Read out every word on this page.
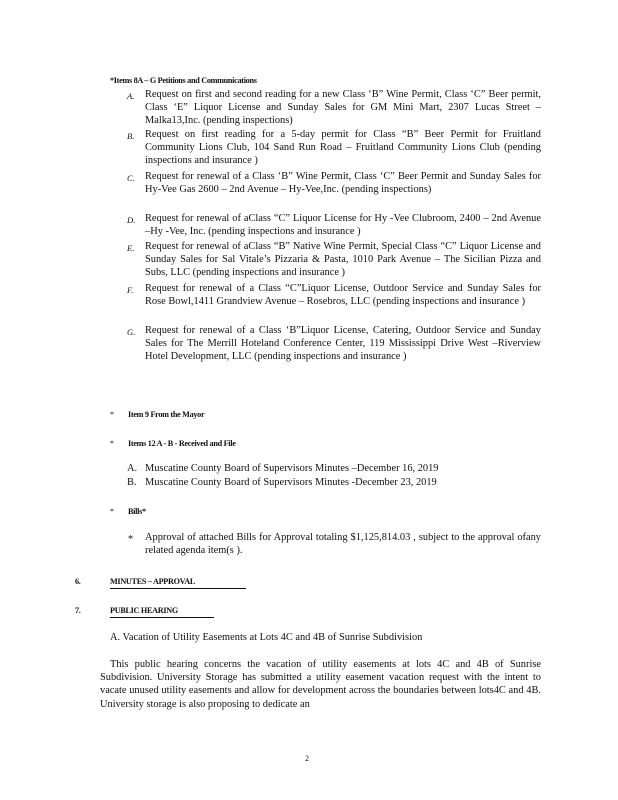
*Items 8A – G Petitions and Communications
A. Request on first and second reading for a new Class ‘B” Wine Permit, Class ‘C” Beer permit, Class ‘E” Liquor License and Sunday Sales for GM Mini Mart, 2307 Lucas Street –Malka13,Inc. (pending inspections)
B. Request on first reading for a 5-day permit for Class “B” Beer Permit for Fruitland Community Lions Club, 104 Sand Run Road – Fruitland Community Lions Club (pending inspections and insurance )
C. Request for renewal of a Class ‘B” Wine Permit, Class ‘C” Beer Permit and Sunday Sales for Hy-Vee Gas 2600 – 2nd Avenue – Hy-Vee,Inc. (pending inspections)
D. Request for renewal of aClass “C” Liquor License for Hy -Vee Clubroom, 2400 – 2nd Avenue –Hy -Vee, Inc. (pending inspections and insurance )
E. Request for renewal of aClass “B” Native Wine Permit, Special Class “C” Liquor License and Sunday Sales for Sal Vitale’s Pizzaria & Pasta, 1010 Park Avenue – The Sicilian Pizza and Subs, LLC (pending inspections and insurance )
F. Request for renewal of a Class “C”Liquor License, Outdoor Service and Sunday Sales for Rose Bowl,1411 Grandview Avenue – Rosebros, LLC (pending inspections and insurance )
G. Request for renewal of a Class ‘B”Liquor License, Catering, Outdoor Service and Sunday Sales for The Merrill Hoteland Conference Center, 119 Mississippi Drive West –Riverview Hotel Development, LLC (pending inspections and insurance )
* Item 9 From the Mayor
* Items 12 A - B - Received and File
A. Muscatine County Board of Supervisors Minutes –December 16, 2019
B. Muscatine County Board of Supervisors Minutes -December 23, 2019
* Bills*
* Approval of attached Bills for Approval totaling $1,125,814.03 , subject to the approval ofany related agenda item(s ).
6.	MINUTES – APPROVAL
7.	PUBLIC HEARING
A. Vacation of Utility Easements at Lots 4C and 4B of Sunrise Subdivision
This public hearing concerns the vacation of utility easements at lots 4C and 4B of Sunrise Subdivision. University Storage has submitted a utility easement vacation request with the intent to vacate unused utility easements and allow for development across the boundaries between lots4C and 4B. University storage is also proposing to dedicate an
2
